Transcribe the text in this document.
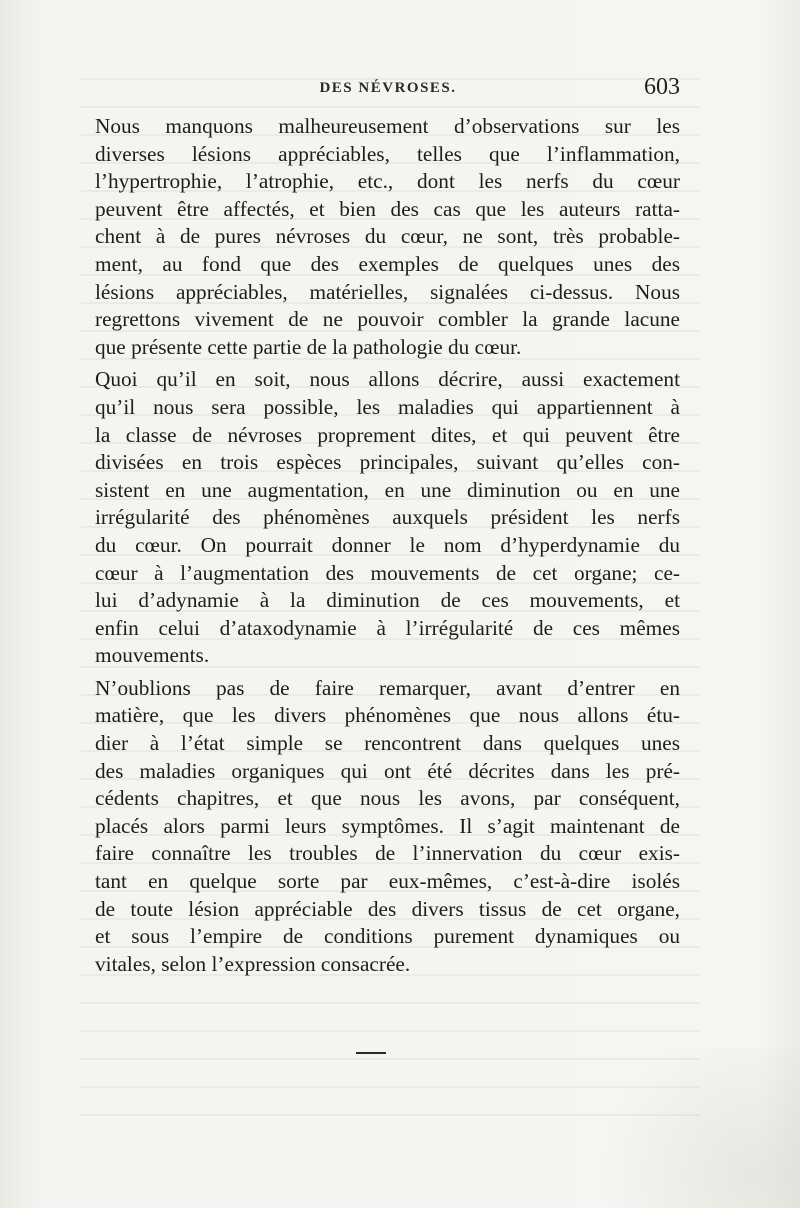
DES NÉVROSES.	603

Nous manquons malheureusement d’observations sur les
diverses lésions appréciables, telles que l’inflammation,
l’hypertrophie, l’atrophie, etc., dont les nerfs du cœur
peuvent être affectés, et bien des cas que les auteurs ratta-
chent à de pures névroses du cœur, ne sont, très probable-
ment, au fond que des exemples de quelques unes des
lésions appréciables, matérielles, signalées ci-dessus. Nous
regrettons vivement de ne pouvoir combler la grande lacune
que présente cette partie de la pathologie du cœur.

Quoi qu’il en soit, nous allons décrire, aussi exactement
qu’il nous sera possible, les maladies qui appartiennent à
la classe de névroses proprement dites, et qui peuvent être
divisées en trois espèces principales, suivant qu’elles con-
sistent en une augmentation, en une diminution ou en une
irrégularité des phénomènes auxquels président les nerfs
du cœur. On pourrait donner le nom d’hyperdynamie du
cœur à l’augmentation des mouvements de cet organe; ce-
lui d’adynamie à la diminution de ces mouvements, et
enfin celui d’ataxodynamie à l’irrégularité de ces mêmes
mouvements.

N’oublions pas de faire remarquer, avant d’entrer en
matière, que les divers phénomènes que nous allons étu-
dier à l’état simple se rencontrent dans quelques unes
des maladies organiques qui ont été décrites dans les pré-
cédents chapitres, et que nous les avons, par conséquent,
placés alors parmi leurs symptômes. Il s’agit maintenant de
faire connaître les troubles de l’innervation du cœur exis-
tant en quelque sorte par eux-mêmes, c’est-à-dire isolés
de toute lésion appréciable des divers tissus de cet organe,
et sous l’empire de conditions purement dynamiques ou
vitales, selon l’expression consacrée.
